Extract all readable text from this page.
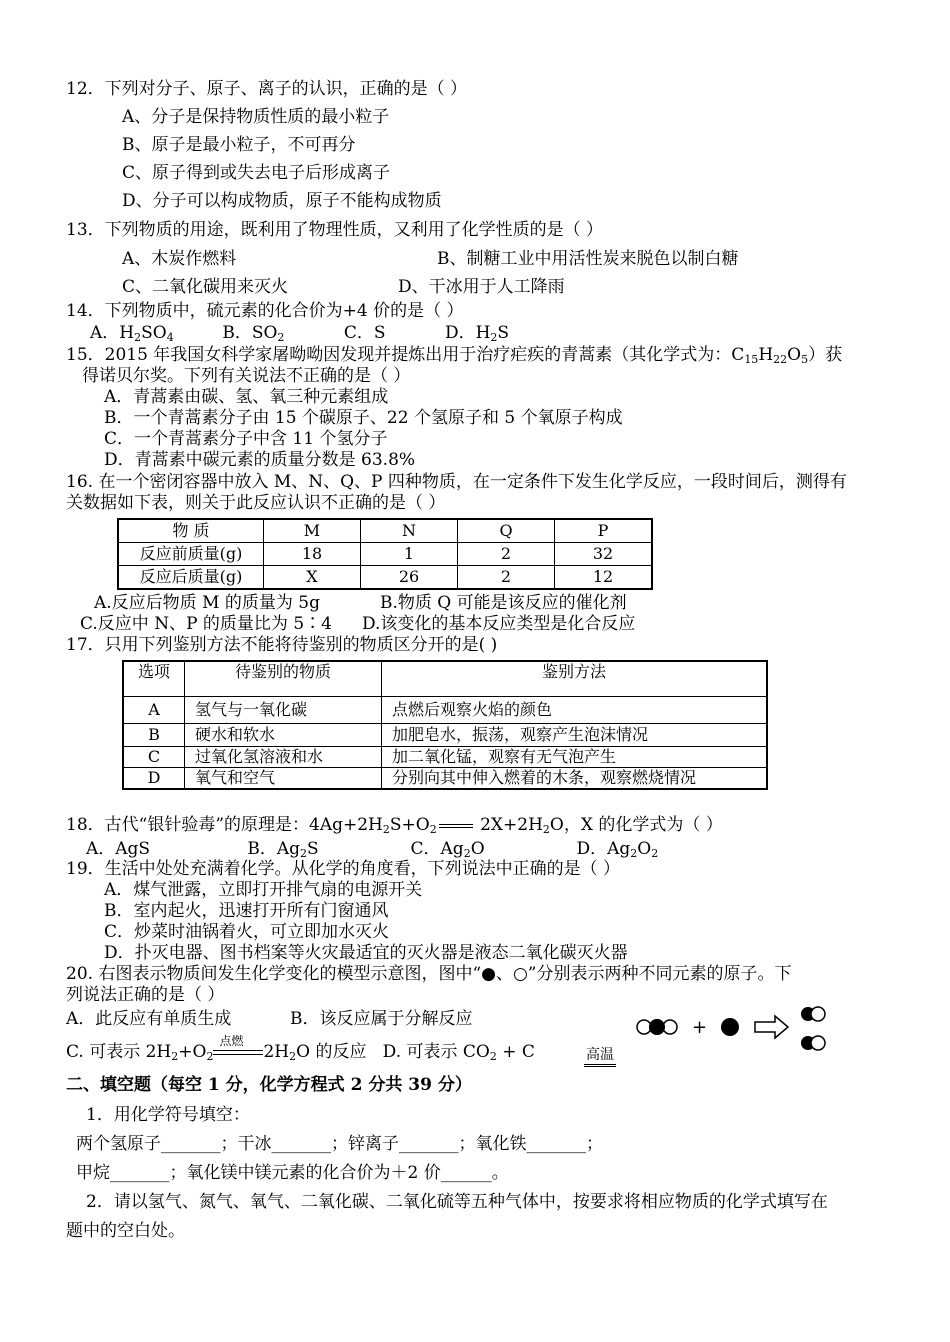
12．下列对分子、原子、离子的认识，正确的是（ ）
A、分子是保持物质性质的最小粒子
B、原子是最小粒子，不可再分
C、原子得到或失去电子后形成离子
D、分子可以构成物质，原子不能构成物质
13．下列物质的用途，既利用了物理性质，又利用了化学性质的是（ ）
A、木炭作燃料	B、制糖工业中用活性炭来脱色以制白糖
C、二氧化碳用来灭火	D、干冰用于人工降雨
14．下列物质中，硫元素的化合价为+4 价的是（ ）
A．$H_2SO_4$         B．$SO_2$           C．S           D．$H_2S$
15．2015 年我国女科学家屠呦呦因发现并提炼出用于治疗疟疾的青蒿素（其化学式为：$C_{15}H_{22}O_5$）获
得诺贝尔奖。下列有关说法不正确的是（ ）
A．青蒿素由碳、氢、氧三种元素组成
B．一个青蒿素分子由 15 个碳原子、22 个氢原子和 5 个氧原子构成
C．一个青蒿素分子中含 11 个氢分子
D．青蒿素中碳元素的质量分数是 63.8%
16. 在一个密闭容器中放入 M、N、Q、P 四种物质，在一定条件下发生化学反应，一段时间后，测得有
关数据如下表，则关于此反应认识不正确的是（ ）
物 质	M	N	Q	P
反应前质量(g)	18	1	2	32
反应后质量(g)	X	26	2	12
A.反应后物质 M 的质量为 5g	B.物质 Q 可能是该反应的催化剂
C.反应中 N、P 的质量比为 5∶4 D.该变化的基本反应类型是化合反应
17．只用下列鉴别方法不能将待鉴别的物质区分开的是( )
选项	待鉴别的物质	鉴别方法
A	氢气与一氧化碳	点燃后观察火焰的颜色
B	硬水和软水	加肥皂水，振荡，观察产生泡沫情况
C	过氧化氢溶液和水	加二氧化锰，观察有无气泡产生
D	氧气和空气	分别向其中伸入燃着的木条，观察燃烧情况
18．古代“银针验毒”的原理是：$4Ag+2H_2S+O_2$ $2X+2H_2O$，X 的化学式为（ ）
A．AgS                  B．$Ag_2S$                 C．$Ag_2O$                 D．$Ag_2O_2$
19．生活中处处充满着化学。从化学的角度看，下列说法中正确的是（ ）
A．煤气泄露，立即打开排气扇的电源开关
B．室内起火，迅速打开所有门窗通风
C．炒菜时油锅着火，可立即加水灭火
D．扑灭电器、图书档案等火灾最适宜的灭火器是液态二氧化碳灭火器
20. 右图表示物质间发生化学变化的模型示意图，图中“●、○”分别表示两种不同元素的原子。下
列说法正确的是（ ）
A．此反应有单质生成	B．该反应属于分解反应
C. 可表示 $2H_2+O_2$
点燃
$2H_2O$ 的反应 D. 可表示 $CO_2 + C$	高温
+
二、填空题（每空 1 分，化学方程式 2 分共 39 分）
1．用化学符号填空：
两个氢原子_______；干冰_______；锌离子_______；氧化铁_______；
甲烷_______；氧化镁中镁元素的化合价为＋2 价______。
2．请以氢气、氮气、氧气、二氧化碳、二氧化硫等五种气体中，按要求将相应物质的化学式填写在
题中的空白处。
